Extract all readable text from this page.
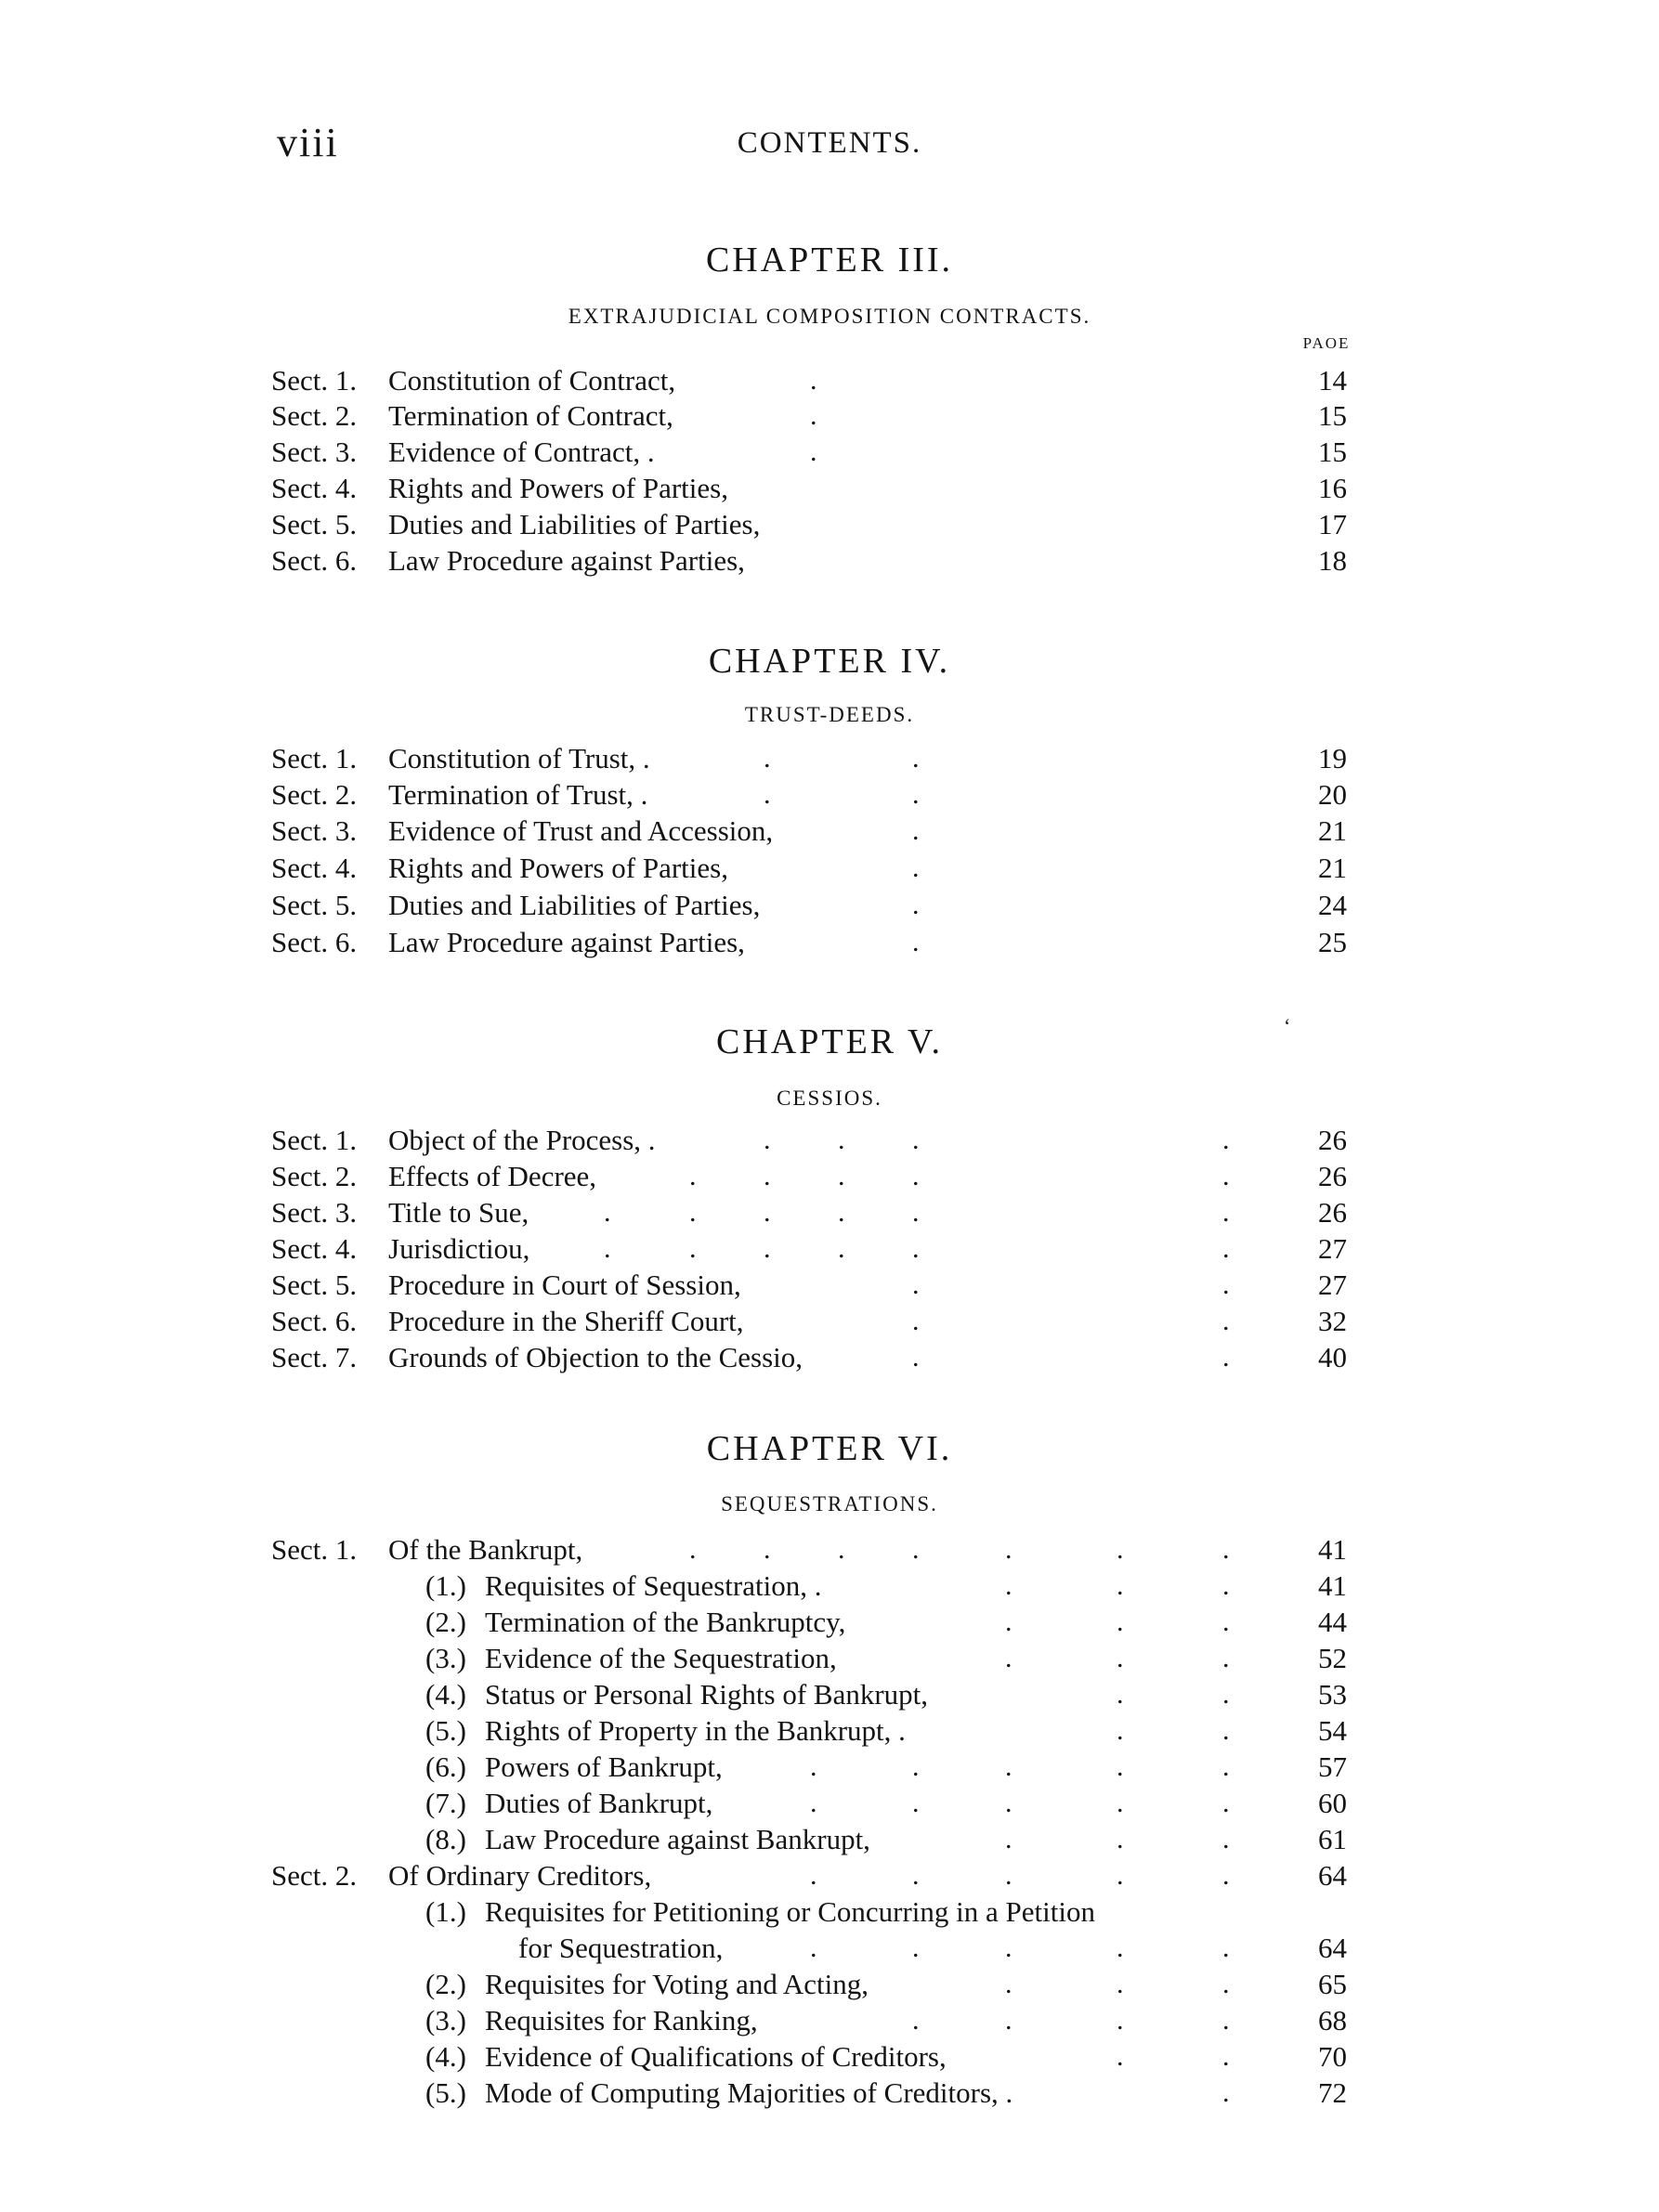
viii	CONTENTS.
CHAPTER III.
EXTRAJUDICIAL COMPOSITION CONTRACTS.
PAOE
Sect. 1. Constitution of Contract,	.	14
Sect. 2. Termination of Contract,	.	15
Sect. 3. Evidence of Contract, .	.	15
Sect. 4. Rights and Powers of Parties,	16
Sect. 5. Duties and Liabilities of Parties,	17
Sect. 6. Law Procedure against Parties,	18
CHAPTER IV.
TRUST-DEEDS.
Sect. 1. Constitution of Trust, .	.	.	19
Sect. 2. Termination of Trust, .	.	.	20
Sect. 3. Evidence of Trust and Accession,	.	21
Sect. 4. Rights and Powers of Parties,	.	21
Sect. 5. Duties and Liabilities of Parties,	.	24
Sect. 6. Law Procedure against Parties,	.	25
‘
CHAPTER V.
CESSIOS.
Sect. 1. Object of the Process, .	. . .	.	26
Sect. 2. Effects of Decree,	. . . .	.	26
Sect. 3. Title to Sue,	.	. . . .	.	26
Sect. 4. Jurisdictiou,	.	. . . .	.	27
Sect. 5. Procedure in Court of Session,	.	.	27
Sect. 6. Procedure in the Sheriff Court,	.	.	32
Sect. 7. Grounds of Objection to the Cessio,	.	.	40
CHAPTER VI.
SEQUESTRATIONS.
Sect. 1. Of the Bankrupt,	. . . .	.	.	.	41
(1.) Requisites of Sequestration, .	.	.	.	41
(2.) Termination of the Bankruptcy,	.	.	.	44
(3.) Evidence of the Sequestration,	.	.	.	52
(4.) Status or Personal Rights of Bankrupt,	.	.	53
(5.) Rights of Property in the Bankrupt, .	.	.	54
(6.) Powers of Bankrupt,	.	.	.	.	.	57
(7.) Duties of Bankrupt,	.	.	.	.	.	60
(8.) Law Procedure against Bankrupt,	.	.	.	61
Sect. 2. Of Ordinary Creditors,	.	.	.	.	.	64
(1.) Requisites for Petitioning or Concurring in a Petition
for Sequestration,	.	.	.	.	.	64
(2.) Requisites for Voting and Acting,	.	.	.	65
(3.) Requisites for Ranking,	.	.	.	.	68
(4.) Evidence of Qualifications of Creditors,	.	.	70
(5.) Mode of Computing Majorities of Creditors, .	.	72
